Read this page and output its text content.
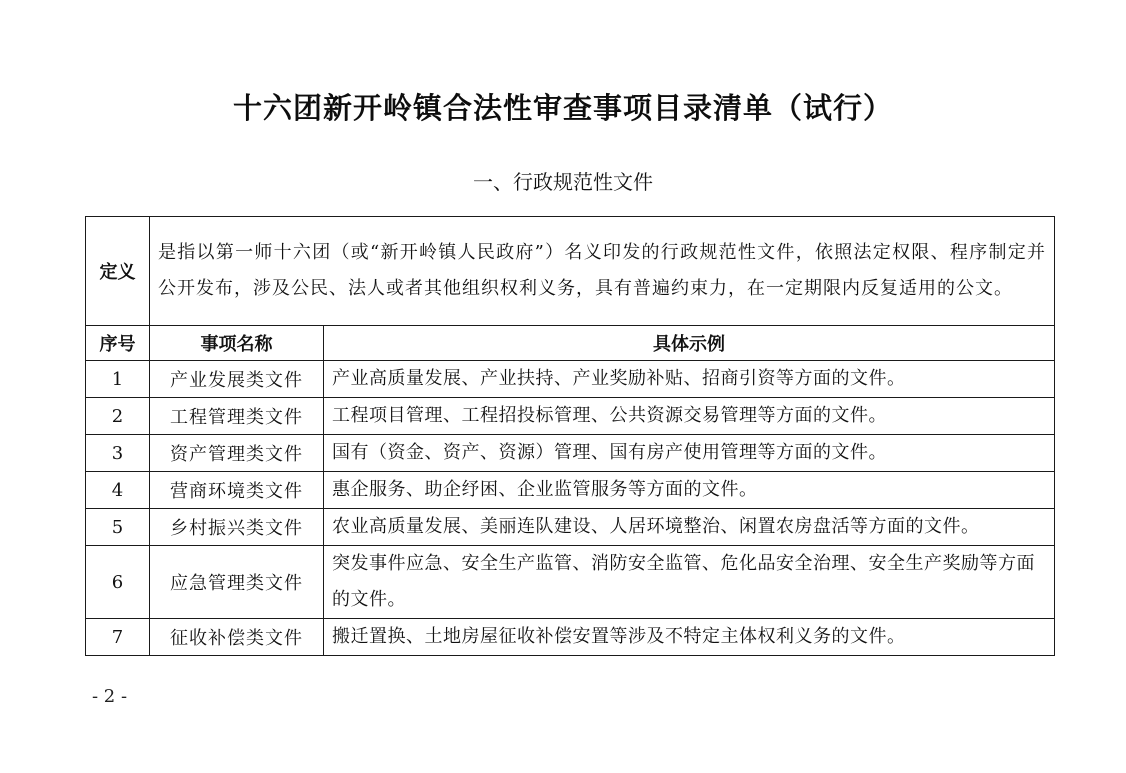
十六团新开岭镇合法性审查事项目录清单（试行）
一、行政规范性文件
定义	是指以第一师十六团（或“新开岭镇人民政府”）名义印发的行政规范性文件，依照法定权限、程序制定并公开发布，涉及公民、法人或者其他组织权利义务，具有普遍约束力，在一定期限内反复适用的公文。	
序号	事项名称	具体示例
1	产业发展类文件	产业高质量发展、产业扶持、产业奖励补贴、招商引资等方面的文件。
2	工程管理类文件	工程项目管理、工程招投标管理、公共资源交易管理等方面的文件。
3	资产管理类文件	国有（资金、资产、资源）管理、国有房产使用管理等方面的文件。
4	营商环境类文件	惠企服务、助企纾困、企业监管服务等方面的文件。
5	乡村振兴类文件	农业高质量发展、美丽连队建设、人居环境整治、闲置农房盘活等方面的文件。
6	应急管理类文件	突发事件应急、安全生产监管、消防安全监管、危化品安全治理、安全生产奖励等方面的文件。
7	征收补偿类文件	搬迁置换、土地房屋征收补偿安置等涉及不特定主体权利义务的文件。
- 2 -
